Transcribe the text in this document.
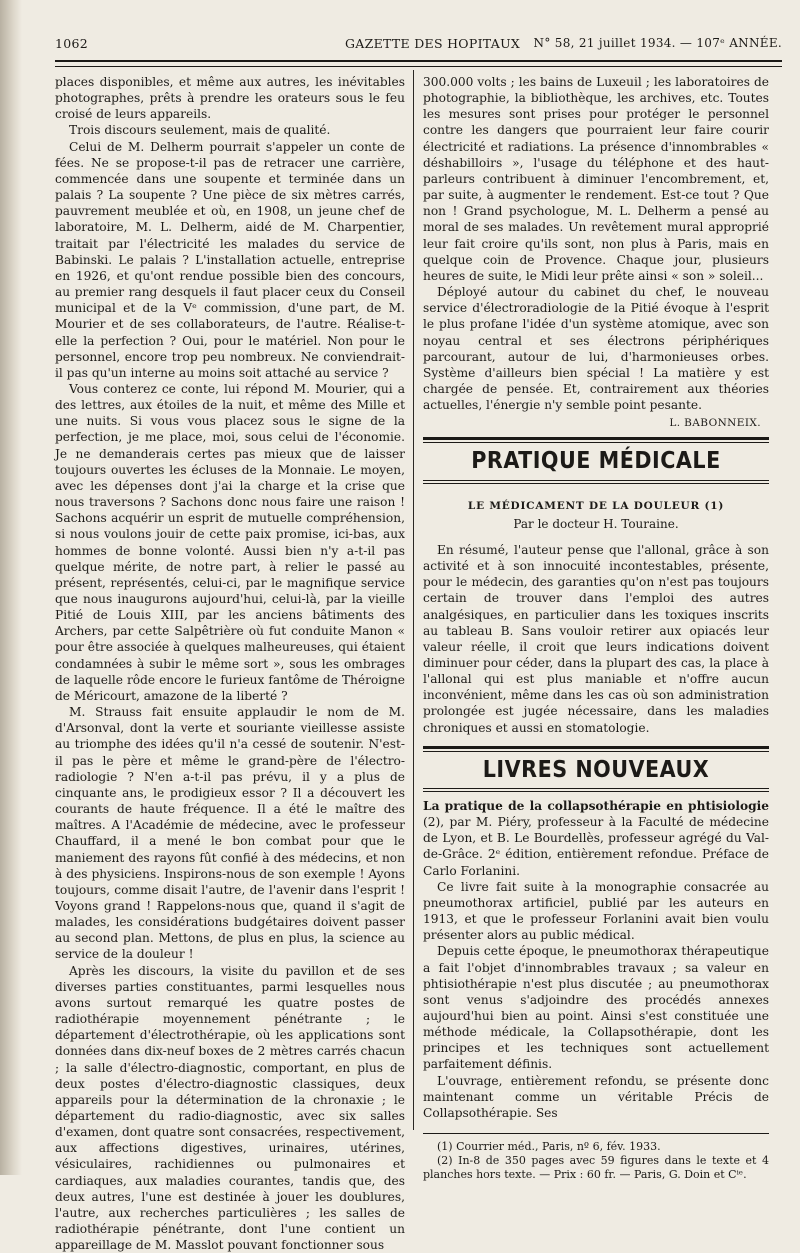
1062	GAZETTE DES HOPITAUX N° 58, 21 juillet 1934. — 107ᵉ ANNÉE.

places disponibles, et même aux autres, les inévitables photographes, prêts à prendre les orateurs sous le feu croisé de leurs appareils.

Trois discours seulement, mais de qualité.

Celui de M. Delherm pourrait s'appeler un conte de fées. Ne se propose-t-il pas de retracer une carrière, commencée dans une soupente et terminée dans un palais ? La soupente ? Une pièce de six mètres carrés, pauvrement meublée et où, en 1908, un jeune chef de laboratoire, M. L. Delherm, aidé de M. Charpentier, traitait par l'électricité les malades du service de Babinski. Le palais ? L'installation actuelle, entreprise en 1926, et qu'ont rendue possible bien des concours, au premier rang desquels il faut placer ceux du Conseil municipal et de la Vᵉ commission, d'une part, de M. Mourier et de ses collaborateurs, de l'autre. Réalise-t-elle la perfection ? Oui, pour le matériel. Non pour le personnel, encore trop peu nombreux. Ne conviendrait-il pas qu'un interne au moins soit attaché au service ?

Vous conterez ce conte, lui répond M. Mourier, qui a des lettres, aux étoiles de la nuit, et même des Mille et une nuits. Si vous vous placez sous le signe de la perfection, je me place, moi, sous celui de l'économie. Je ne demanderais certes pas mieux que de laisser toujours ouvertes les écluses de la Monnaie. Le moyen, avec les dépenses dont j'ai la charge et la crise que nous traversons ? Sachons donc nous faire une raison ! Sachons acquérir un esprit de mutuelle compréhension, si nous voulons jouir de cette paix promise, ici-bas, aux hommes de bonne volonté. Aussi bien n'y a-t-il pas quelque mérite, de notre part, à relier le passé au présent, représentés, celui-ci, par le magnifique service que nous inaugurons aujourd'hui, celui-là, par la vieille Pitié de Louis XIII, par les anciens bâtiments des Archers, par cette Salpêtrière où fut conduite Manon « pour être associée à quelques malheureuses, qui étaient condamnées à subir le même sort », sous les ombrages de laquelle rôde encore le furieux fantôme de Théroigne de Méricourt, amazone de la liberté ?

M. Strauss fait ensuite applaudir le nom de M. d'Arsonval, dont la verte et souriante vieillesse assiste au triomphe des idées qu'il n'a cessé de soutenir. N'est-il pas le père et même le grand-père de l'électro-radiologie ? N'en a-t-il pas prévu, il y a plus de cinquante ans, le prodigieux essor ? Il a découvert les courants de haute fréquence. Il a été le maître des maîtres. A l'Académie de médecine, avec le professeur Chauffard, il a mené le bon combat pour que le maniement des rayons fût confié à des médecins, et non à des physiciens. Inspirons-nous de son exemple ! Ayons toujours, comme disait l'autre, de l'avenir dans l'esprit ! Voyons grand ! Rappelons-nous que, quand il s'agit de malades, les considérations budgétaires doivent passer au second plan. Mettons, de plus en plus, la science au service de la douleur !

Après les discours, la visite du pavillon et de ses diverses parties constituantes, parmi lesquelles nous avons surtout remarqué les quatre postes de radiothérapie moyennement pénétrante ; le département d'électrothérapie, où les applications sont données dans dix-neuf boxes de 2 mètres carrés chacun ; la salle d'électro-diagnostic, comportant, en plus de deux postes d'électro-diagnostic classiques, deux appareils pour la détermination de la chronaxie ; le département du radio-diagnostic, avec six salles d'examen, dont quatre sont consacrées, respectivement, aux affections digestives, urinaires, utérines, vésiculaires, rachidiennes ou pulmonaires et cardiaques, aux maladies courantes, tandis que, des deux autres, l'une est destinée à jouer les doublures, l'autre, aux recherches particulières ; les salles de radiothérapie pénétrante, dont l'une contient un appareillage de M. Masslot pouvant fonctionner sous

300.000 volts ; les bains de Luxeuil ; les laboratoires de photographie, la bibliothèque, les archives, etc. Toutes les mesures sont prises pour protéger le personnel contre les dangers que pourraient leur faire courir électricité et radiations. La présence d'innombrables « déshabilloirs », l'usage du téléphone et des haut-parleurs contribuent à diminuer l'encombrement, et, par suite, à augmenter le rendement. Est-ce tout ? Que non ! Grand psychologue, M. L. Delherm a pensé au moral de ses malades. Un revêtement mural approprié leur fait croire qu'ils sont, non plus à Paris, mais en quelque coin de Provence. Chaque jour, plusieurs heures de suite, le Midi leur prête ainsi « son » soleil...

Déployé autour du cabinet du chef, le nouveau service d'électroradiologie de la Pitié évoque à l'esprit le plus profane l'idée d'un système atomique, avec son noyau central et ses électrons périphériques parcourant, autour de lui, d'harmonieuses orbes. Système d'ailleurs bien spécial ! La matière y est chargée de pensée. Et, contrairement aux théories actuelles, l'énergie n'y semble point pesante.

L. BABONNEIX.
PRATIQUE MÉDICALE
LE MÉDICAMENT DE LA DOULEUR (1)
Par le docteur H. Touraine.

En résumé, l'auteur pense que l'allonal, grâce à son activité et à son innocuité incontestables, présente, pour le médecin, des garanties qu'on n'est pas toujours certain de trouver dans l'emploi des autres analgésiques, en particulier dans les toxiques inscrits au tableau B. Sans vouloir retirer aux opiacés leur valeur réelle, il croit que leurs indications doivent diminuer pour céder, dans la plupart des cas, la place à l'allonal qui est plus maniable et n'offre aucun inconvénient, même dans les cas où son administration prolongée est jugée nécessaire, dans les maladies chroniques et aussi en stomatologie.

LIVRES NOUVEAUX

La pratique de la collapsothérapie en phtisiologie (2), par M. Piéry, professeur à la Faculté de médecine de Lyon, et B. Le Bourdellès, professeur agrégé du Val-de-Grâce. 2ᵉ édition, entièrement refondue. Préface de Carlo Forlanini.

Ce livre fait suite à la monographie consacrée au pneumothorax artificiel, publié par les auteurs en 1913, et que le professeur Forlanini avait bien voulu présenter alors au public médical.

Depuis cette époque, le pneumothorax thérapeutique a fait l'objet d'innombrables travaux ; sa valeur en phtisiothérapie n'est plus discutée ; au pneumothorax sont venus s'adjoindre des procédés annexes aujourd'hui bien au point. Ainsi s'est constituée une méthode médicale, la Collapsothérapie, dont les principes et les techniques sont actuellement parfaitement définis.

L'ouvrage, entièrement refondu, se présente donc maintenant comme un véritable Précis de Collapsothérapie. Ses

(1) Courrier méd., Paris, nº 6, fév. 1933.

(2) In-8 de 350 pages avec 59 figures dans le texte et 4 planches hors texte. — Prix : 60 fr. — Paris, G. Doin et Cⁱᵉ.
